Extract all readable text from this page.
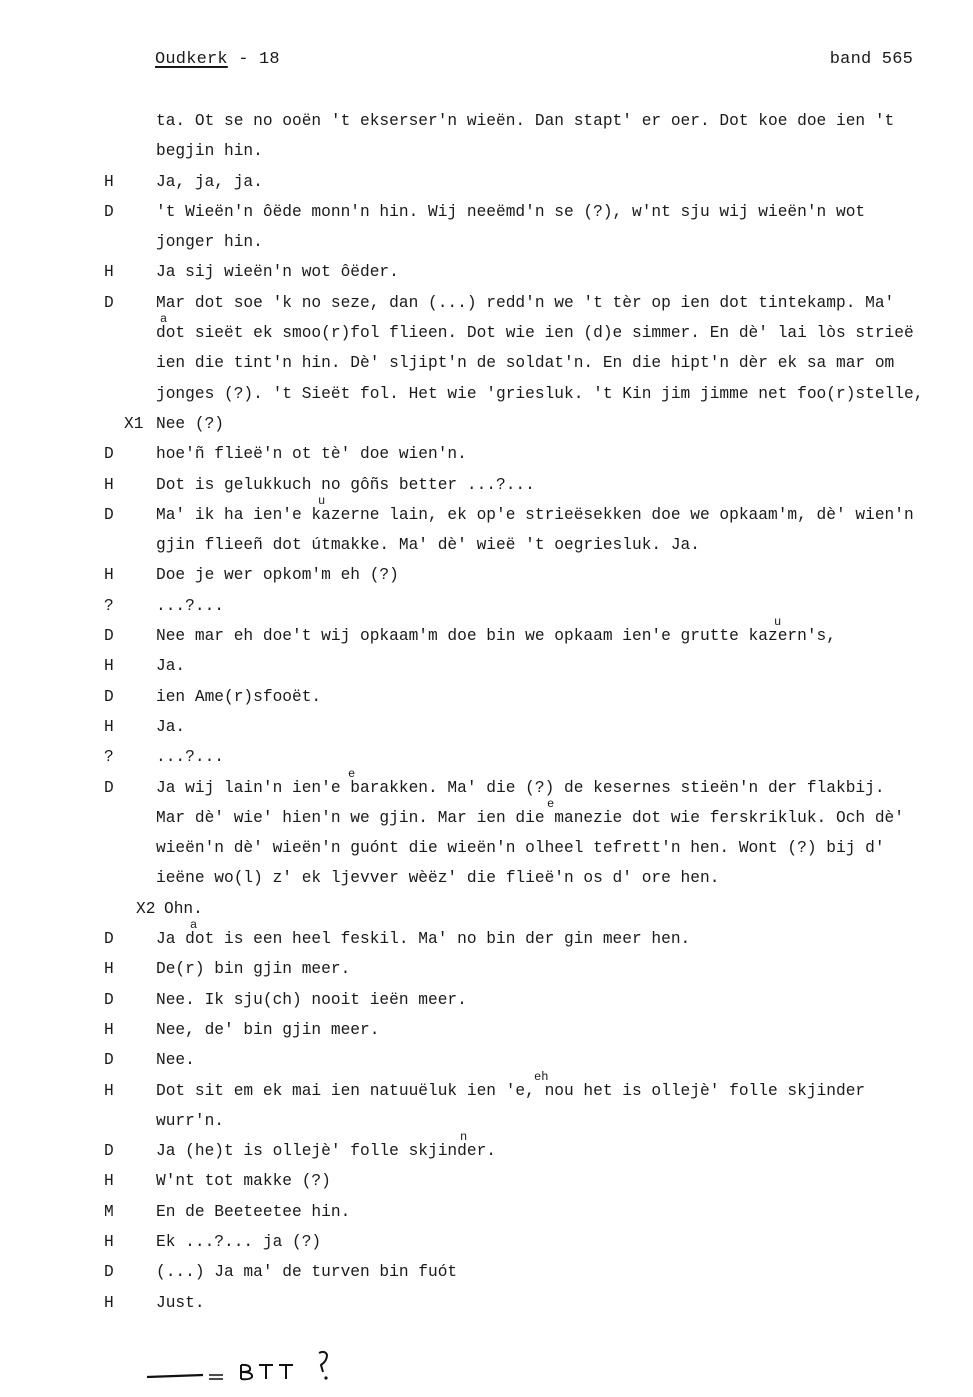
Oudkerk - 18	band 565
ta. Ot se no ooën 't ekserser'n wieën. Dan stapt' er oer. Dot koe doe ien 't
begjin hin.
H	Ja, ja, ja.
D	't Wieën'n ôëde monn'n hin. Wij neeëmd'n se (?), w'nt sju wij wieën'n wot
jonger hin.
H	Ja sij wieën'n wot ôëder.
D	Mar dot soe 'k no seze, dan (...) redd'n we 't tèr op ien dot tintekamp. Ma'
dot sieët ek smoo(r)fol flieen. Dot wie ien (d)e simmer. En dè' lai lòs strieë
a
ien die tint'n hin. Dè' sljipt'n de soldat'n. En die hipt'n dèr ek sa mar om
jonges (?). 't Sieët fol. Het wie 'griesluk. 't Kin jim jimme net foo(r)stelle,
X1 Nee (?)
D	hoe'ñ flieë'n ot tè' doe wien'n.
H	Dot is gelukkuch no gôñs better ...?...
D	Ma' ik ha ien'e kazerne lain, ek op'e strieësekken doe we opkaam'm, dè' wien'n
u
gjin flieeñ dot útmakke. Ma' dè' wieë 't oegriesluk. Ja.
H	Doe je wer opkom'm eh (?)
?	...?...
D	Nee mar eh doe't wij opkaam'm doe bin we opkaam ien'e grutte kazern's,
u
H	Ja.
D	ien Ame(r)sfooët.
H	Ja.
?	...?...
D	Ja wij lain'n ien'e barakken. Ma' die (?) de kesernes stieën'n der flakbij.
e
Mar dè' wie' hien'n we gjin. Mar ien die manezie dot wie ferskrikluk. Och dè'
e
wieën'n dè' wieën'n guónt die wieën'n olheel tefrett'n hen. Wont (?) bij d'
ieëne wo(l) z' ek ljevver wèëz' die flieë'n os d' ore hen.
X2 Ohn.
D	Ja dot is een heel feskil. Ma' no bin der gin meer hen.
a
H	De(r) bin gjin meer.
D	Nee. Ik sju(ch) nooit ieën meer.
H	Nee, de' bin gjin meer.
D	Nee.
H	Dot sit em ek mai ien natuuëluk ien 'e, nou het is ollejè' folle skjinder
eh
wurr'n.
D	Ja (he)t is ollejè' folle skjinder.
n
H	W'nt tot makke (?)
M	En de Beeteetee hin.
H	Ek ...?... ja (?)
D	(...) Ja ma' de turven bin fuót
H	Just.
